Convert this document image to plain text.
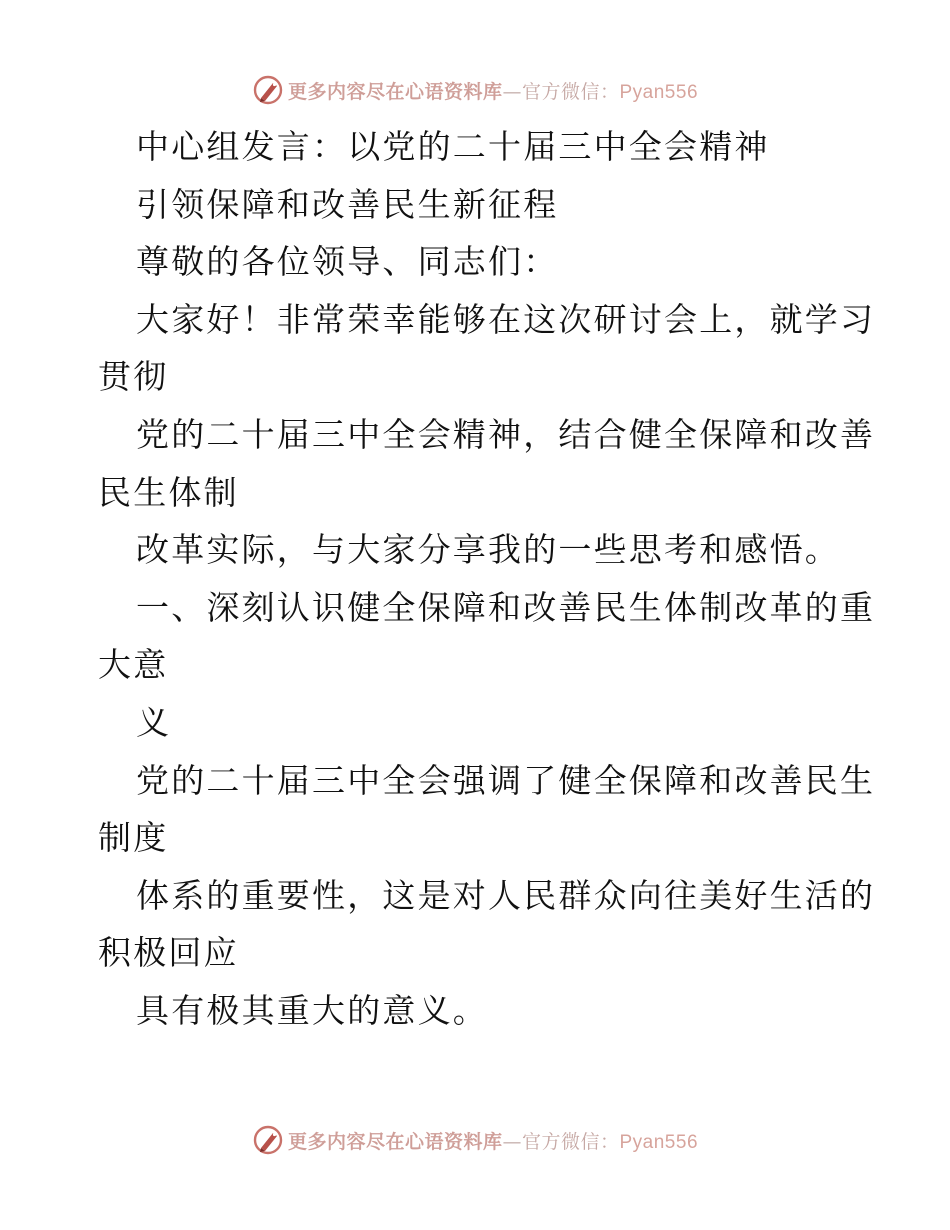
更多内容尽在心语资料库—官方微信：Pyan556
中心组发言：以党的二十届三中全会精神
引领保障和改善民生新征程
尊敬的各位领导、同志们：
大家好！非常荣幸能够在这次研讨会上，就学习
贯彻
党的二十届三中全会精神，结合健全保障和改善
民生体制
改革实际，与大家分享我的一些思考和感悟。
一、深刻认识健全保障和改善民生体制改革的重
大意
义
党的二十届三中全会强调了健全保障和改善民生
制度
体系的重要性，这是对人民群众向往美好生活的
积极回应
具有极其重大的意义。
更多内容尽在心语资料库—官方微信：Pyan556
